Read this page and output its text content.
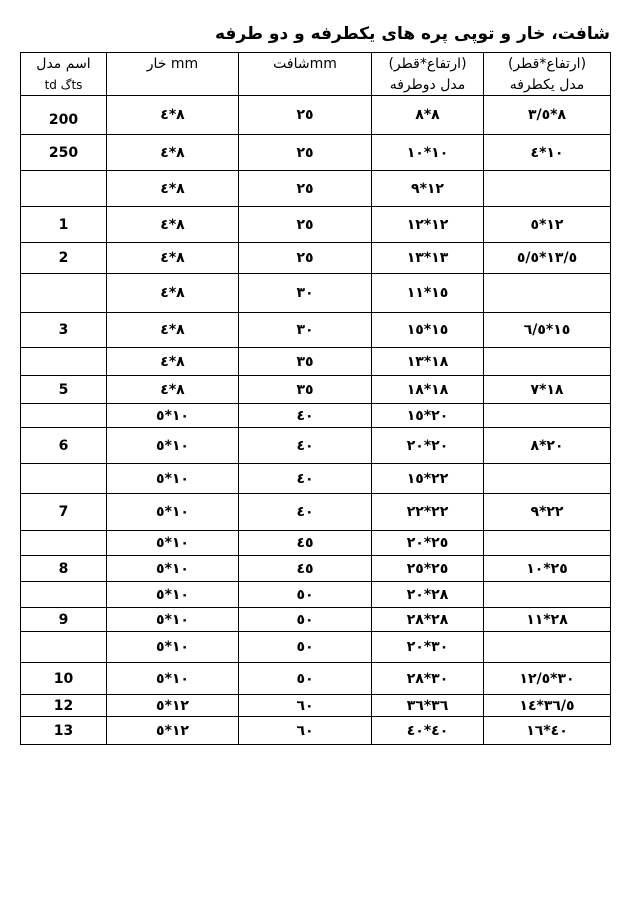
شافت، خار و توپی پره های یکطرفه و دو طرفه
اسم مدل	خار mm	شافتmm	(ارتفاع*قطر)	(ارتفاع*قطر)
td گts			مدل دوطرفه	مدل یکطرفه
200	٨*٤	٢٥	٨*٨	٨*٣/٥
250	٨*٤	٢٥	١٠*١٠	١٠*٤
	٨*٤	٢٥	١٢*٩	
1	٨*٤	٢٥	١٢*١٢	١٢*٥
2	٨*٤	٢٥	١٣*١٣	١٣/٥*٥/٥
	٨*٤	٣٠	١٥*١١	
3	٨*٤	٣٠	١٥*١٥	١٥*٦/٥
	٨*٤	٣٥	١٨*١٣	
5	٨*٤	٣٥	١٨*١٨	١٨*٧
	١٠*٥	٤٠	٢٠*١٥	
6	١٠*٥	٤٠	٢٠*٢٠	٢٠*٨
	١٠*٥	٤٠	٢٢*١٥	
7	١٠*٥	٤٠	٢٢*٢٢	٢٢*٩
	١٠*٥	٤٥	٢٥*٢٠	
8	١٠*٥	٤٥	٢٥*٢٥	٢٥*١٠
	١٠*٥	٥٠	٢٨*٢٠	
9	١٠*٥	٥٠	٢٨*٢٨	٢٨*١١
	١٠*٥	٥٠	٣٠*٢٠	
10	١٠*٥	٥٠	٣٠*٢٨	٣٠*١٢/٥
12	١٢*٥	٦٠	٣٦*٣٦	٣٦/٥*١٤
13	١٢*٥	٦٠	٤٠*٤٠	٤٠*١٦
